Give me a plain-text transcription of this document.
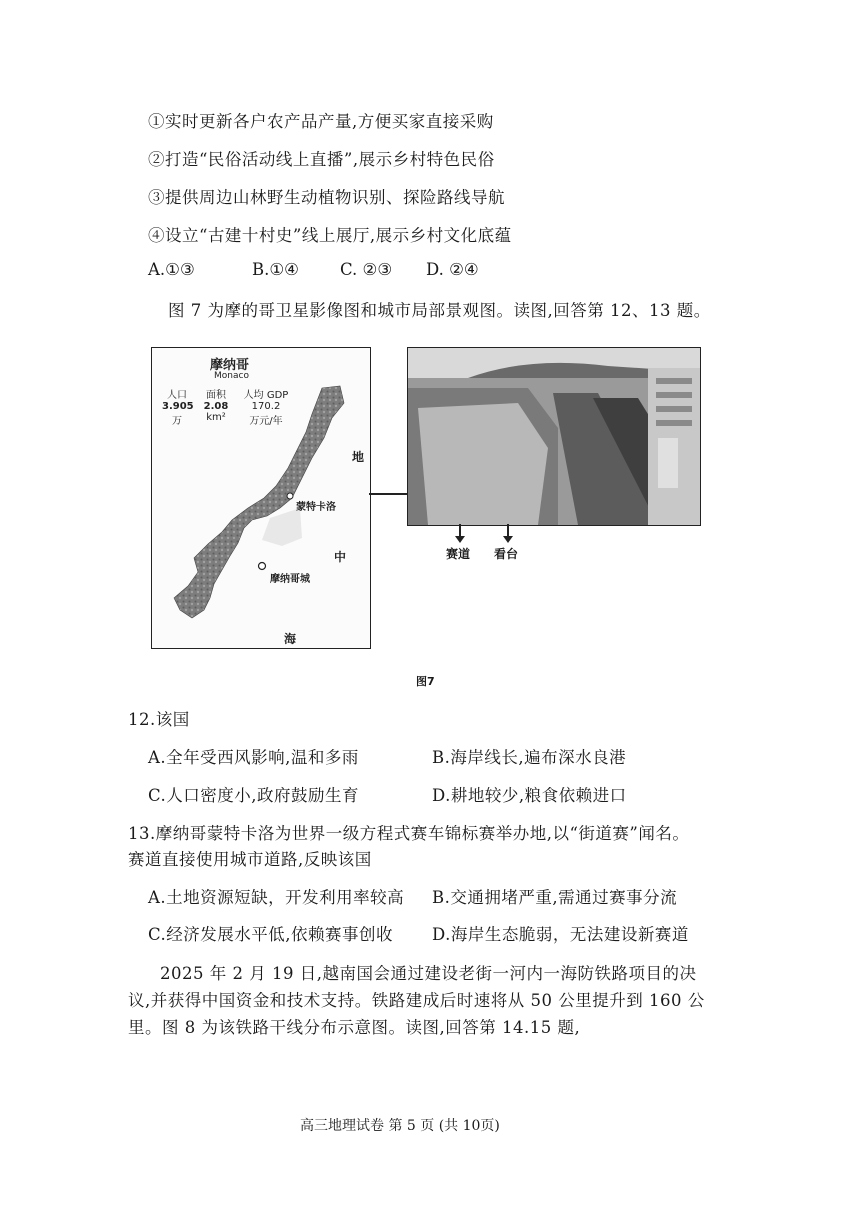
①实时更新各户农产品产量,方便买家直接采购
②打造“民俗活动线上直播”,展示乡村特色民俗
③提供周边山林野生动植物识别、探险路线导航
④设立“古建十村史”线上展厅,展示乡村文化底蕴
A.①③	B.①④ C. ②③ D. ②④
图 7 为摩的哥卫星影像图和城市局部景观图。读图,回答第 12、13 题。
摩纳哥
Monaco
人口
3.905
万
面积
2.08
km²
人均 GDP
170.2
万元/年
地
蒙特卡洛
中
摩纳哥城
海
赛道 看台
图7
12.该国
A.全年受西风影响,温和多雨	B.海岸线长,遍布深水良港
C.人口密度小,政府鼓励生育	D.耕地较少,粮食依赖进口
13.摩纳哥蒙特卡洛为世界一级方程式赛车锦标赛举办地,以“街道赛”闻名。
赛道直接使用城市道路,反映该国
A.土地资源短缺，开发利用率较高 B.交通拥堵严重,需通过赛事分流
C.经济发展水平低,依赖赛事创收 D.海岸生态脆弱，无法建设新赛道
2025 年 2 月 19 日,越南国会通过建设老街一河内一海防铁路项目的决
议,并获得中国资金和技术支持。铁路建成后时速将从 50 公里提升到 160 公
里。图 8 为该铁路干线分布示意图。读图,回答第 14.15 题,
高三地理试卷 第 5 页 (共 10页)
